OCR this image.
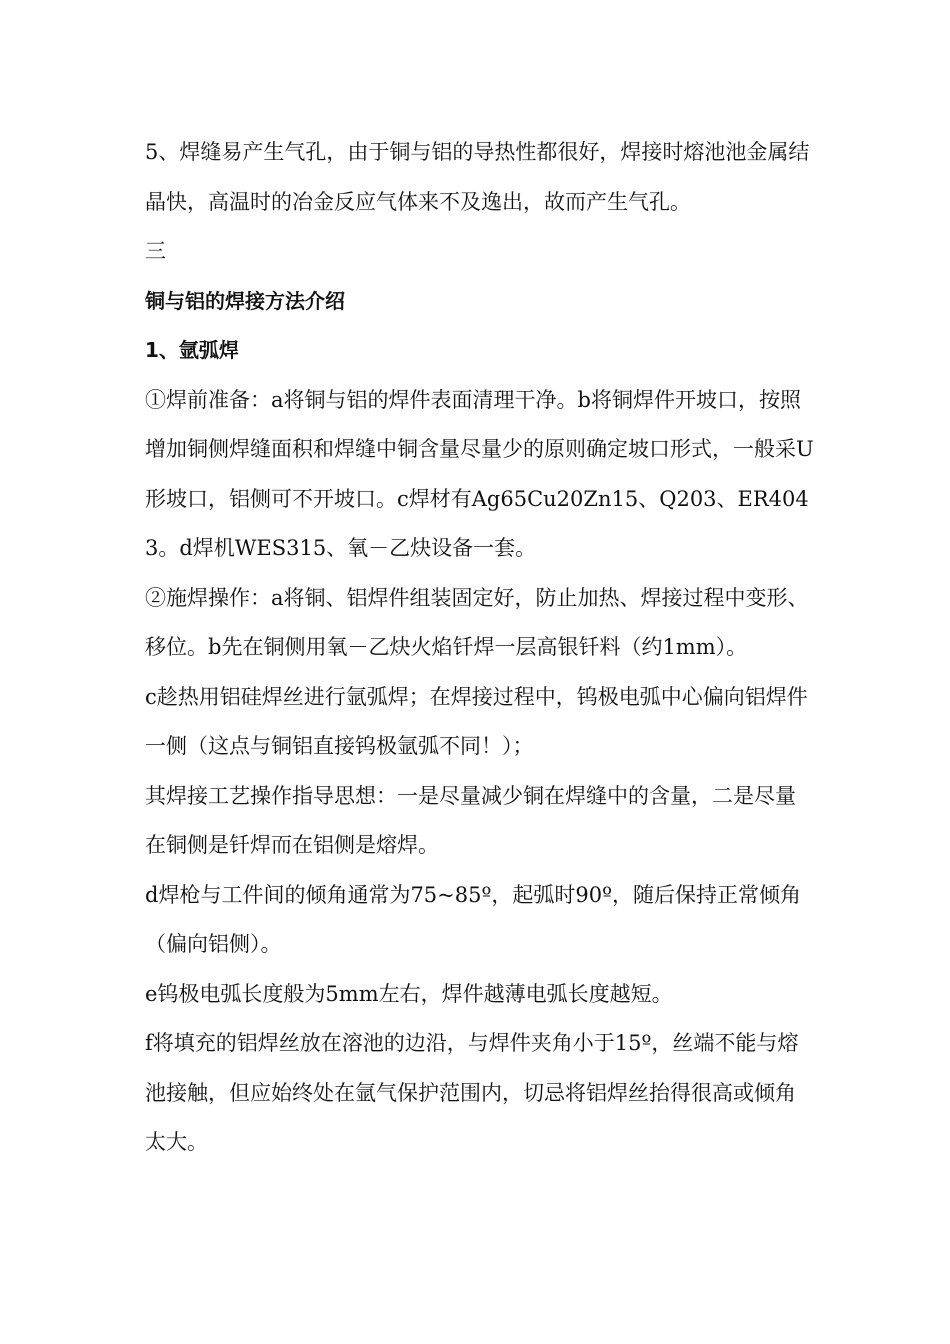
5、焊缝易产生气孔，由于铜与铝的导热性都很好，焊接时熔池池金属结晶快，高温时的冶金反应气体来不及逸出，故而产生气孔。

三

铜与铝的焊接方法介绍

1、氩弧焊

①焊前准备：a将铜与铝的焊件表面清理干净。b将铜焊件开坡口，按照增加铜侧焊缝面积和焊缝中铜含量尽量少的原则确定坡口形式，一般采U形坡口，铝侧可不开坡口。c焊材有Ag65Cu20Zn15、Q203、ER4043。d焊机WES315、氧－乙炔设备一套。

②施焊操作：a将铜、铝焊件组装固定好，防止加热、焊接过程中变形、移位。b先在铜侧用氧－乙炔火焰钎焊一层高银钎料（约1mm）。

c趁热用铝硅焊丝进行氩弧焊；在焊接过程中，钨极电弧中心偏向铝焊件一侧（这点与铜铝直接钨极氩弧不同！）；

其焊接工艺操作指导思想：一是尽量减少铜在焊缝中的含量，二是尽量在铜侧是钎焊而在铝侧是熔焊。

d焊枪与工件间的倾角通常为75~85º，起弧时90º，随后保持正常倾角（偏向铝侧）。

e钨极电弧长度般为5mm左右，焊件越薄电弧长度越短。

f将填充的铝焊丝放在溶池的边沿，与焊件夹角小于15º，丝端不能与熔池接触，但应始终处在氩气保护范围内，切忌将铝焊丝抬得很高或倾角太大。
